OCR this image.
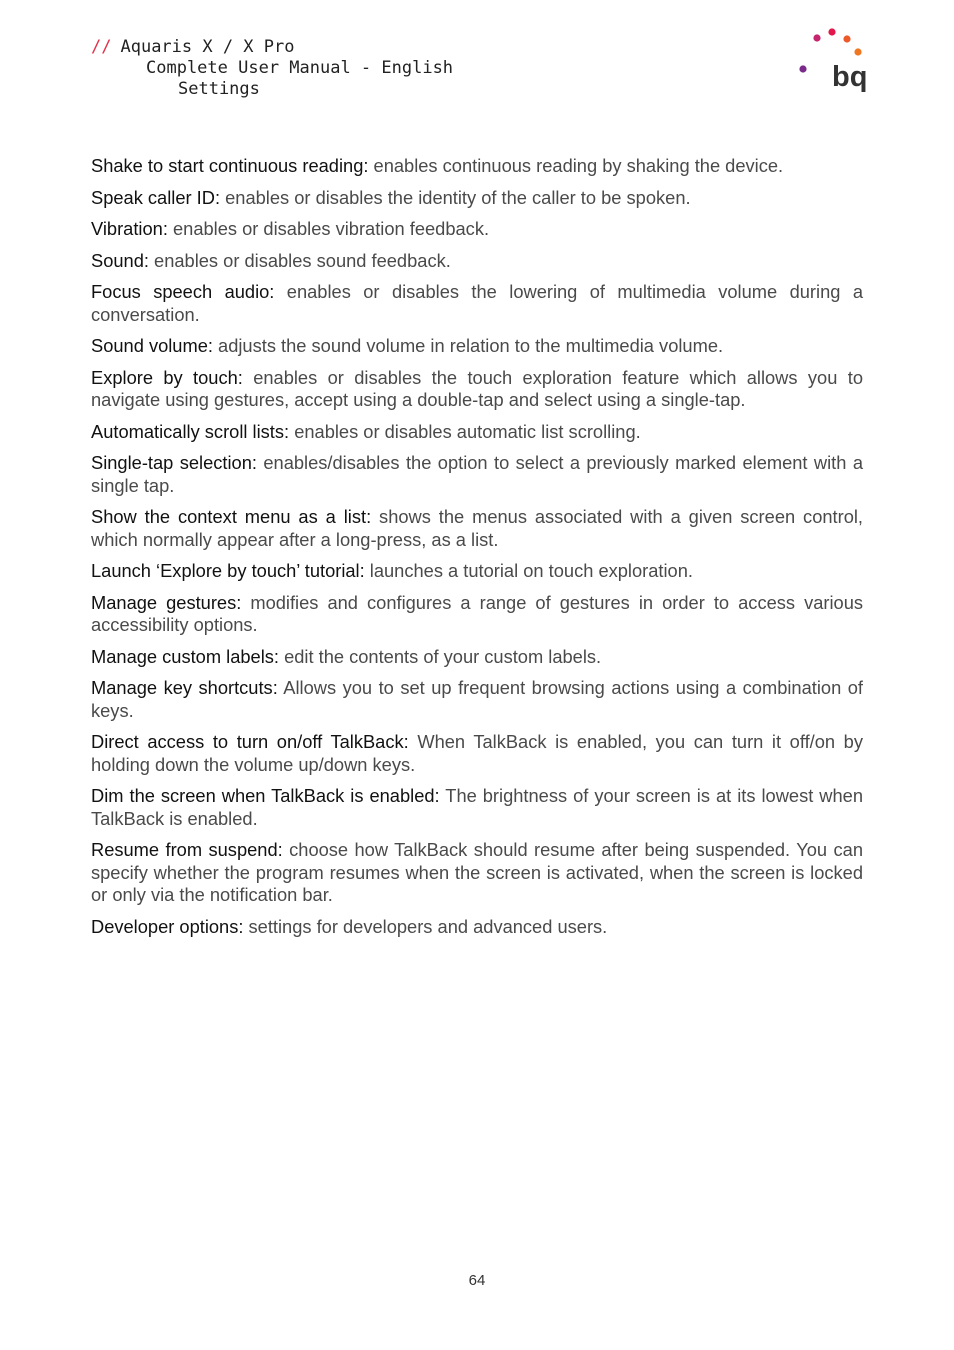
// Aquaris X / X Pro
Complete User Manual - English
Settings	bq

Shake to start continuous reading: enables continuous reading by shaking the device.

Speak caller ID: enables or disables the identity of the caller to be spoken.

Vibration: enables or disables vibration feedback.

Sound: enables or disables sound feedback.

Focus speech audio: enables or disables the lowering of multimedia volume during a conversation.

Sound volume: adjusts the sound volume in relation to the multimedia volume.

Explore by touch: enables or disables the touch exploration feature which allows you to navigate using gestures, accept using a double-tap and select using a single-tap.

Automatically scroll lists: enables or disables automatic list scrolling.

Single-tap selection: enables/disables the option to select a previously marked element with a single tap.

Show the context menu as a list: shows the menus associated with a given screen control, which normally appear after a long-press, as a list.

Launch ‘Explore by touch’ tutorial: launches a tutorial on touch exploration.

Manage gestures: modifies and configures a range of gestures in order to access various accessibility options.

Manage custom labels: edit the contents of your custom labels.

Manage key shortcuts: Allows you to set up frequent browsing actions using a combination of keys.

Direct access to turn on/off TalkBack: When TalkBack is enabled, you can turn it off/on by holding down the volume up/down keys.

Dim the screen when TalkBack is enabled: The brightness of your screen is at its lowest when TalkBack is enabled.

Resume from suspend: choose how TalkBack should resume after being suspended. You can specify whether the program resumes when the screen is activated, when the screen is locked or only via the notification bar.

Developer options: settings for developers and advanced users.

64
